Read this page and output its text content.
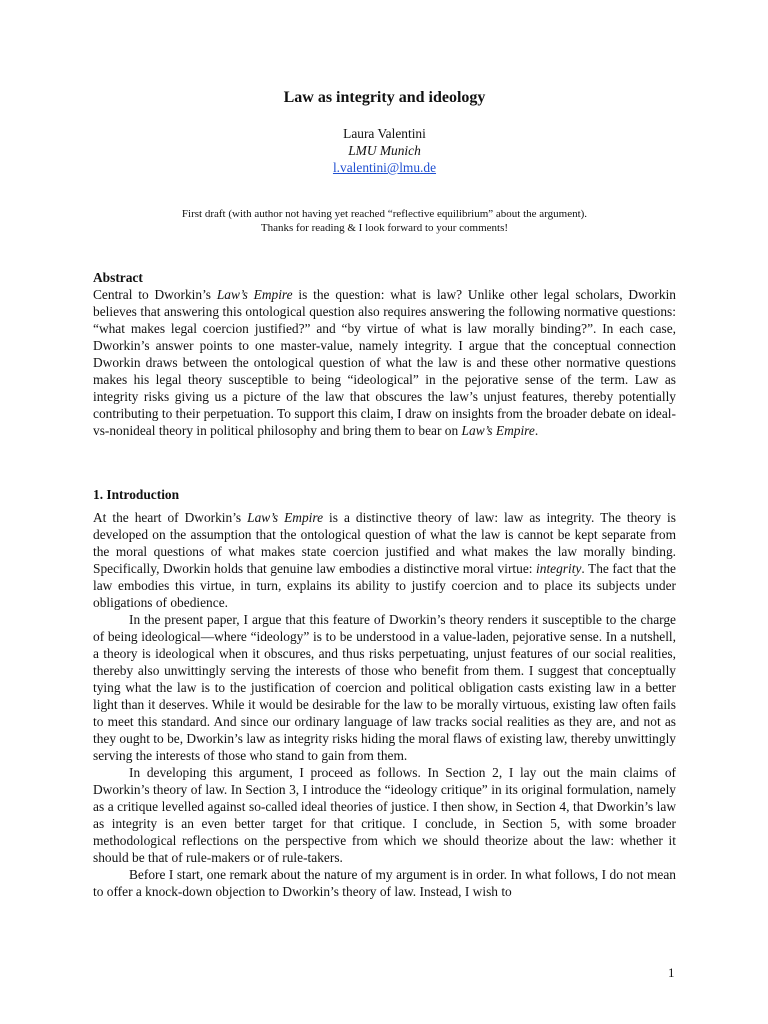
Law as integrity and ideology
Laura Valentini
LMU Munich
l.valentini@lmu.de
First draft (with author not having yet reached “reflective equilibrium” about the argument).
Thanks for reading & I look forward to your comments!
Abstract

Central to Dworkin’s Law’s Empire is the question: what is law? Unlike other legal scholars, Dworkin believes that answering this ontological question also requires answering the following normative questions: “what makes legal coercion justified?” and “by virtue of what is law morally binding?”. In each case, Dworkin’s answer points to one master-value, namely integrity. I argue that the conceptual connection Dworkin draws between the ontological question of what the law is and these other normative questions makes his legal theory susceptible to being “ideological” in the pejorative sense of the term. Law as integrity risks giving us a picture of the law that obscures the law’s unjust features, thereby potentially contributing to their perpetuation. To support this claim, I draw on insights from the broader debate on ideal-vs-nonideal theory in political philosophy and bring them to bear on Law’s Empire.

1. Introduction

At the heart of Dworkin’s Law’s Empire is a distinctive theory of law: law as integrity. The theory is developed on the assumption that the ontological question of what the law is cannot be kept separate from the moral questions of what makes state coercion justified and what makes the law morally binding. Specifically, Dworkin holds that genuine law embodies a distinctive moral virtue: integrity. The fact that the law embodies this virtue, in turn, explains its ability to justify coercion and to place its subjects under obligations of obedience.

In the present paper, I argue that this feature of Dworkin’s theory renders it susceptible to the charge of being ideological—where “ideology” is to be understood in a value-laden, pejorative sense. In a nutshell, a theory is ideological when it obscures, and thus risks perpetuating, unjust features of our social realities, thereby also unwittingly serving the interests of those who benefit from them. I suggest that conceptually tying what the law is to the justification of coercion and political obligation casts existing law in a better light than it deserves. While it would be desirable for the law to be morally virtuous, existing law often fails to meet this standard. And since our ordinary language of law tracks social realities as they are, and not as they ought to be, Dworkin’s law as integrity risks hiding the moral flaws of existing law, thereby unwittingly serving the interests of those who stand to gain from them.

In developing this argument, I proceed as follows. In Section 2, I lay out the main claims of Dworkin’s theory of law. In Section 3, I introduce the “ideology critique” in its original formulation, namely as a critique levelled against so-called ideal theories of justice. I then show, in Section 4, that Dworkin’s law as integrity is an even better target for that critique. I conclude, in Section 5, with some broader methodological reflections on the perspective from which we should theorize about the law: whether it should be that of rule-makers or of rule-takers.

Before I start, one remark about the nature of my argument is in order. In what follows, I do not mean to offer a knock-down objection to Dworkin’s theory of law. Instead, I wish to

1
